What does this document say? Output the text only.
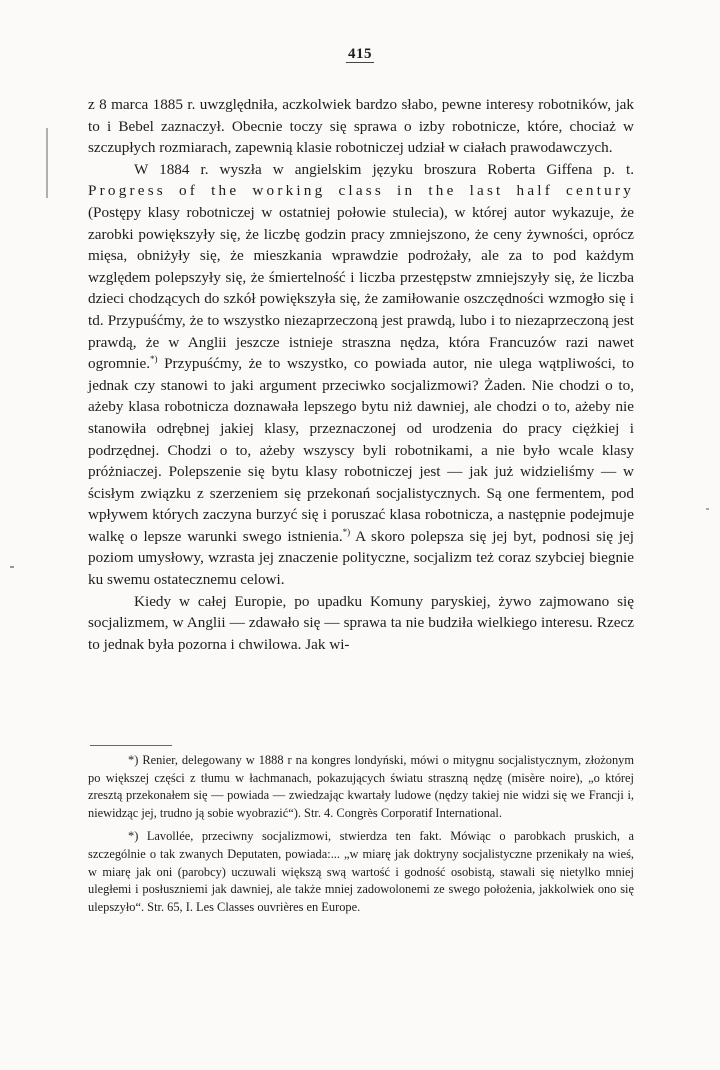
415

z 8 marca 1885 r. uwzględniła, aczkolwiek bardzo słabo, pewne interesy robotników, jak to i Bebel zaznaczył. Obecnie toczy się sprawa o izby robotnicze, które, chociaż w szczupłych rozmiarach, zapewnią klasie robotniczej udział w ciałach prawodawczych.

W 1884 r. wyszła w angielskim języku broszura Roberta Giffena p. t. Progress of the working class in the last half century (Postępy klasy robotniczej w ostatniej połowie stulecia), w której autor wykazuje, że zarobki powiększyły się, że liczbę godzin pracy zmniejszono, że ceny żywności, oprócz mięsa, obniżyły się, że mieszkania wprawdzie podrożały, ale za to pod każdym względem polepszyły się, że śmiertelność i liczba przestępstw zmniejszyły się, że liczba dzieci chodzących do szkół powiększyła się, że zamiłowanie oszczędności wzmogło się i td. Przypuśćmy, że to wszystko niezaprzeczoną jest prawdą, lubo i to niezaprzeczoną jest prawdą, że w Anglii jeszcze istnieje straszna nędza, która Francuzów razi nawet ogromnie.*) Przypuśćmy, że to wszystko, co powiada autor, nie ulega wątpliwości, to jednak czy stanowi to jaki argument przeciwko socjalizmowi? Żaden. Nie chodzi o to, ażeby klasa robotnicza doznawała lepszego bytu niż dawniej, ale chodzi o to, ażeby nie stanowiła odrębnej jakiej klasy, przeznaczonej od urodzenia do pracy ciężkiej i podrzędnej. Chodzi o to, ażeby wszyscy byli robotnikami, a nie było wcale klasy próżniaczej. Polepszenie się bytu klasy robotniczej jest — jak już widzieliśmy — w ścisłym związku z szerzeniem się przekonań socjalistycznych. Są one fermentem, pod wpływem których zaczyna burzyć się i poruszać klasa robotnicza, a następnie podejmuje walkę o lepsze warunki swego istnienia.*) A skoro polepsza się jej byt, podnosi się jej poziom umysłowy, wzrasta jej znaczenie polityczne, socjalizm też coraz szybciej biegnie ku swemu ostatecznemu celowi.

Kiedy w całej Europie, po upadku Komuny paryskiej, żywo zajmowano się socjalizmem, w Anglii — zdawało się — sprawa ta nie budziła wielkiego interesu. Rzecz to jednak była pozorna i chwilowa. Jak wi-

*) Renier, delegowany w 1888 r na kongres londyński, mówi o mitygnu socjalistycznym, złożonym po większej części z tłumu w łachmanach, pokazujących światu straszną nędzę (misère noire), „o której zresztą przekonałem się — powiada — zwiedzając kwartały ludowe (nędzy takiej nie widzi się we Francji i, niewidząc jej, trudno ją sobie wyobrazić“). Str. 4. Congrès Corporatif International.

*) Lavollée, przeciwny socjalizmowi, stwierdza ten fakt. Mówiąc o parobkach pruskich, a szczególnie o tak zwanych Deputaten, powiada:... „w miarę jak doktryny socjalistyczne przenikały na wieś, w miarę jak oni (parobcy) uczuwali większą swą wartość i godność osobistą, stawali się nietylko mniej uległemi i posłuszniemi jak dawniej, ale także mniej zadowolonemi ze swego położenia, jakkolwiek ono się ulepszyło“. Str. 65, I. Les Classes ouvrières en Europe.
